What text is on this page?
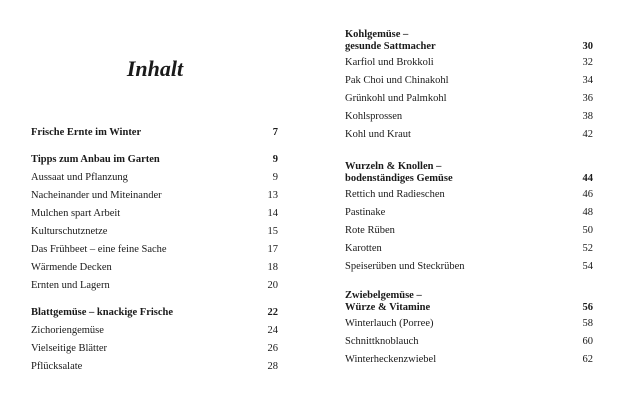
Inhalt
Frische Ernte im Winter	7
Tipps zum Anbau im Garten	9
Aussaat und Pflanzung	9
Nacheinander und Miteinander	13
Mulchen spart Arbeit	14
Kulturschutznetze	15
Das Frühbeet – eine feine Sache	17
Wärmende Decken	18
Ernten und Lagern	20
Blattgemüse – knackige Frische	22
Zichoriengemüse	24
Vielseitige Blätter	26
Pflücksalate	28
Kohlgemüse –
gesunde Sattmacher	30
Karfiol und Brokkoli	32
Pak Choi und Chinakohl	34
Grünkohl und Palmkohl	36
Kohlsprossen	38
Kohl und Kraut	42
Wurzeln & Knollen –
bodenständiges Gemüse	44
Rettich und Radieschen	46
Pastinake	48
Rote Rüben	50
Karotten	52
Speiserüben und Steckrüben	54
Zwiebelgemüse –
Würze & Vitamine	56
Winterlauch (Porree)	58
Schnittknoblauch	60
Winterheckenzwiebel	62
